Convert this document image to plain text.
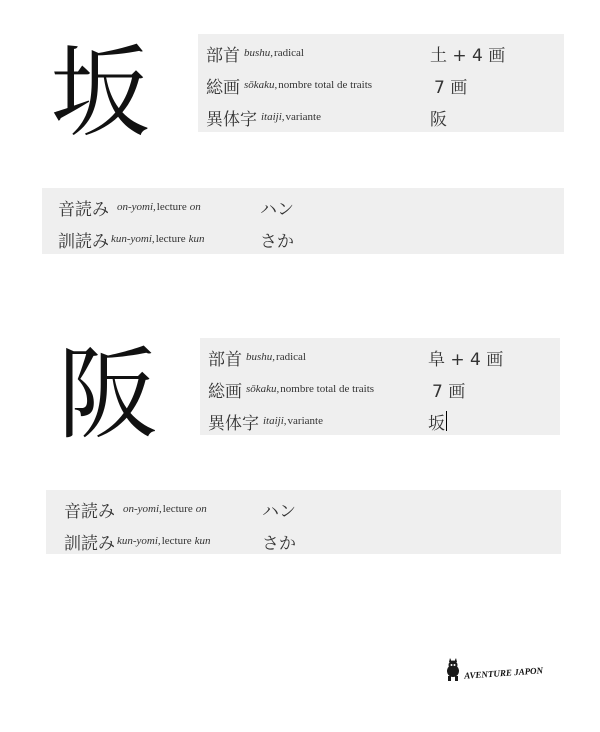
坂	部首 bushu, radical	土 + 4 画
総画 sōkaku, nombre total de traits	7 画
異体字 itaiji, variante	阪
音読み on-yomi, lecture on	ハン
訓読み kun-yomi, lecture kun	さか
阪	部首 bushu, radical	阜 + 4 画
総画 sōkaku, nombre total de traits	7 画
異体字 itaiji, variante	坂
音読み on-yomi, lecture on	ハン
訓読み kun-yomi, lecture kun	さか
AVENTURE JAPON
